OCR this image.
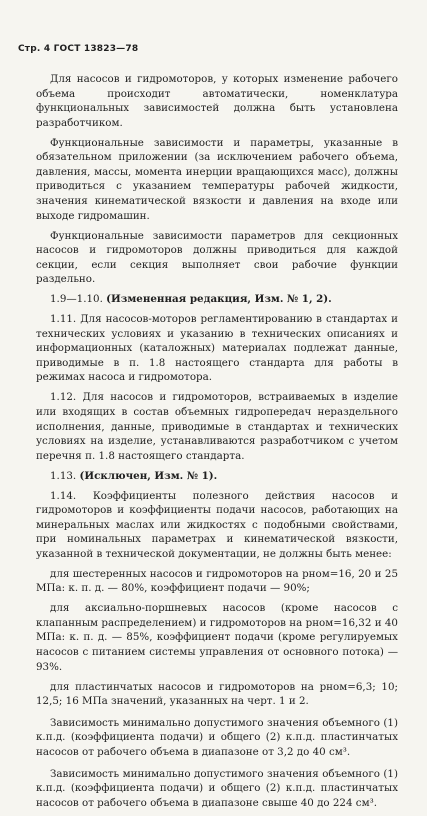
Стр. 4 ГОСТ 13823—78

Для насосов и гидромоторов, у которых изменение рабочего объема происходит автоматически, номенклатура функциональных зависимостей должна быть установлена разработчиком.

Функциональные зависимости и параметры, указанные в обязательном приложении (за исключением рабочего объема, давления, массы, момента инерции вращающихся масс), должны приводиться с указанием температуры рабочей жидкости, значения кинематической вязкости и давления на входе или выходе гидромашин.

Функциональные зависимости параметров для секционных насосов и гидромоторов должны приводиться для каждой секции, если секция выполняет свои рабочие функции раздельно.

1.9—1.10. (Измененная редакция, Изм. № 1, 2).

1.11. Для насосов-моторов регламентированию в стандартах и технических условиях и указанию в технических описаниях и информационных (каталожных) материалах подлежат данные, приводимые в п. 1.8 настоящего стандарта для работы в режимах насоса и гидромотора.

1.12. Для насосов и гидромоторов, встраиваемых в изделие или входящих в состав объемных гидропередач нераздельного исполнения, данные, приводимые в стандартах и технических условиях на изделие, устанавливаются разработчиком с учетом перечня п. 1.8 настоящего стандарта.

1.13. (Исключен, Изм. № 1).

1.14. Коэффициенты полезного действия насосов и гидромоторов и коэффициенты подачи насосов, работающих на минеральных маслах или жидкостях с подобными свойствами, при номинальных параметрах и кинематической вязкости, указанной в технической документации, не должны быть менее:

для шестеренных насосов и гидромоторов на pном=16, 20 и 25 МПа: к. п. д. — 80%, коэффициент подачи — 90%;

для аксиально-поршневых насосов (кроме насосов с клапанным распределением) и гидромоторов на pном=16,32 и 40 МПа: к. п. д. — 85%, коэффициент подачи (кроме регулируемых насосов с питанием системы управления от основного потока) — 93%.

для пластинчатых насосов и гидромоторов на pном=6,3; 10; 12,5; 16 МПа значений, указанных на черт. 1 и 2.

Зависимость минимально допустимого значения объемного (1) к.п.д. (коэффициента подачи) и общего (2) к.п.д. пластинчатых насосов от рабочего объема в диапазоне от 3,2 до 40 см³.

Зависимость минимально допустимого значения объемного (1) к.п.д. (коэффициента подачи) и общего (2) к.п.д. пластинчатых насосов от рабочего объема в диапазоне свыше 40 до 224 см³.
